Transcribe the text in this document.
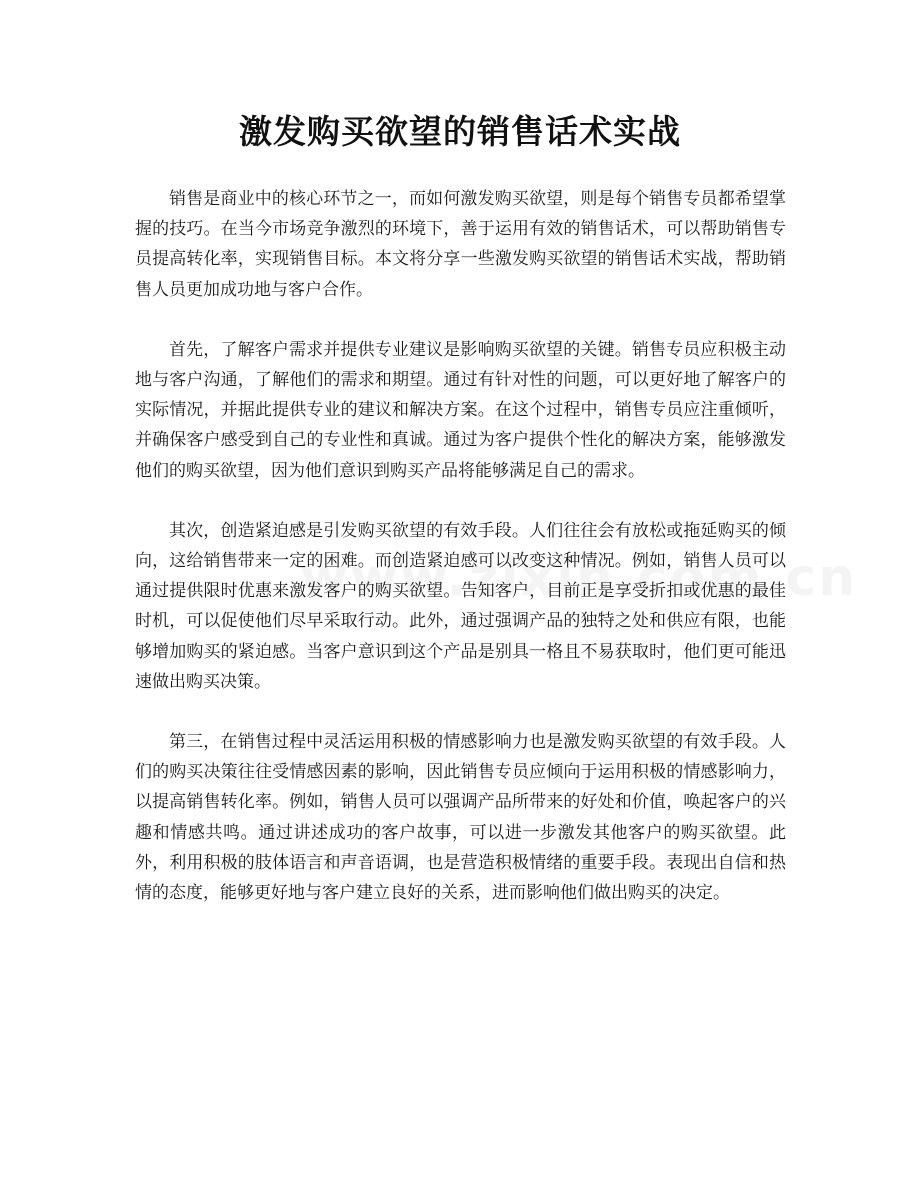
激发购买欲望的销售话术实战

销售是商业中的核心环节之一，而如何激发购买欲望，则是每个销售专员都希望掌握的技巧。在当今市场竞争激烈的环境下，善于运用有效的销售话术，可以帮助销售专员提高转化率，实现销售目标。本文将分享一些激发购买欲望的销售话术实战，帮助销售人员更加成功地与客户合作。

首先，了解客户需求并提供专业建议是影响购买欲望的关键。销售专员应积极主动地与客户沟通，了解他们的需求和期望。通过有针对性的问题，可以更好地了解客户的实际情况，并据此提供专业的建议和解决方案。在这个过程中，销售专员应注重倾听，并确保客户感受到自己的专业性和真诚。通过为客户提供个性化的解决方案，能够激发他们的购买欲望，因为他们意识到购买产品将能够满足自己的需求。

其次，创造紧迫感是引发购买欲望的有效手段。人们往往会有放松或拖延购买的倾向，这给销售带来一定的困难。而创造紧迫感可以改变这种情况。例如，销售人员可以通过提供限时优惠来激发客户的购买欲望。告知客户，目前正是享受折扣或优惠的最佳时机，可以促使他们尽早采取行动。此外，通过强调产品的独特之处和供应有限，也能够增加购买的紧迫感。当客户意识到这个产品是别具一格且不易获取时，他们更可能迅速做出购买决策。

第三，在销售过程中灵活运用积极的情感影响力也是激发购买欲望的有效手段。人们的购买决策往往受情感因素的影响，因此销售专员应倾向于运用积极的情感影响力，以提高销售转化率。例如，销售人员可以强调产品所带来的好处和价值，唤起客户的兴趣和情感共鸣。通过讲述成功的客户故事，可以进一步激发其他客户的购买欲望。此外，利用积极的肢体语言和声音语调，也是营造积极情绪的重要手段。表现出自信和热情的态度，能够更好地与客户建立良好的关系，进而影响他们做出购买的决定。
